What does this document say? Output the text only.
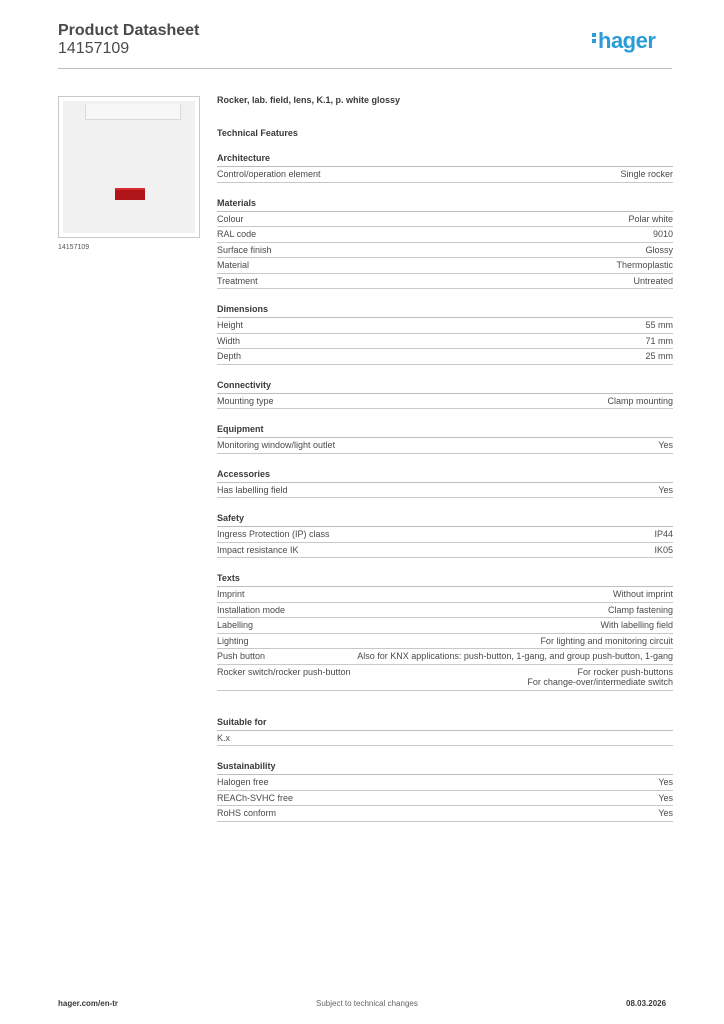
Product Datasheet
14157109	hager
14157109
Rocker, lab. field, lens, K.1, p. white glossy
Technical Features
Architecture
Control/operation element	Single rocker
Materials
Colour	Polar white
RAL code	9010
Surface finish	Glossy
Material	Thermoplastic
Treatment	Untreated
Dimensions
Height	55 mm
Width	71 mm
Depth	25 mm
Connectivity
Mounting type	Clamp mounting
Equipment
Monitoring window/light outlet	Yes
Accessories
Has labelling field	Yes
Safety
Ingress Protection (IP) class	IP44
Impact resistance IK	IK05
Texts
Imprint	Without imprint
Installation mode	Clamp fastening
Labelling	With labelling field
Lighting	For lighting and monitoring circuit
Push button	Also for KNX applications: push-button, 1-gang, and group push-button, 1-gang
Rocker switch/rocker push-button	For rocker push-buttons
For change-over/intermediate switch
Suitable for
K.x
Sustainability
Halogen free	Yes
REACh-SVHC free	Yes
RoHS conform	Yes
hager.com/en-tr	Subject to technical changes	08.03.2026
